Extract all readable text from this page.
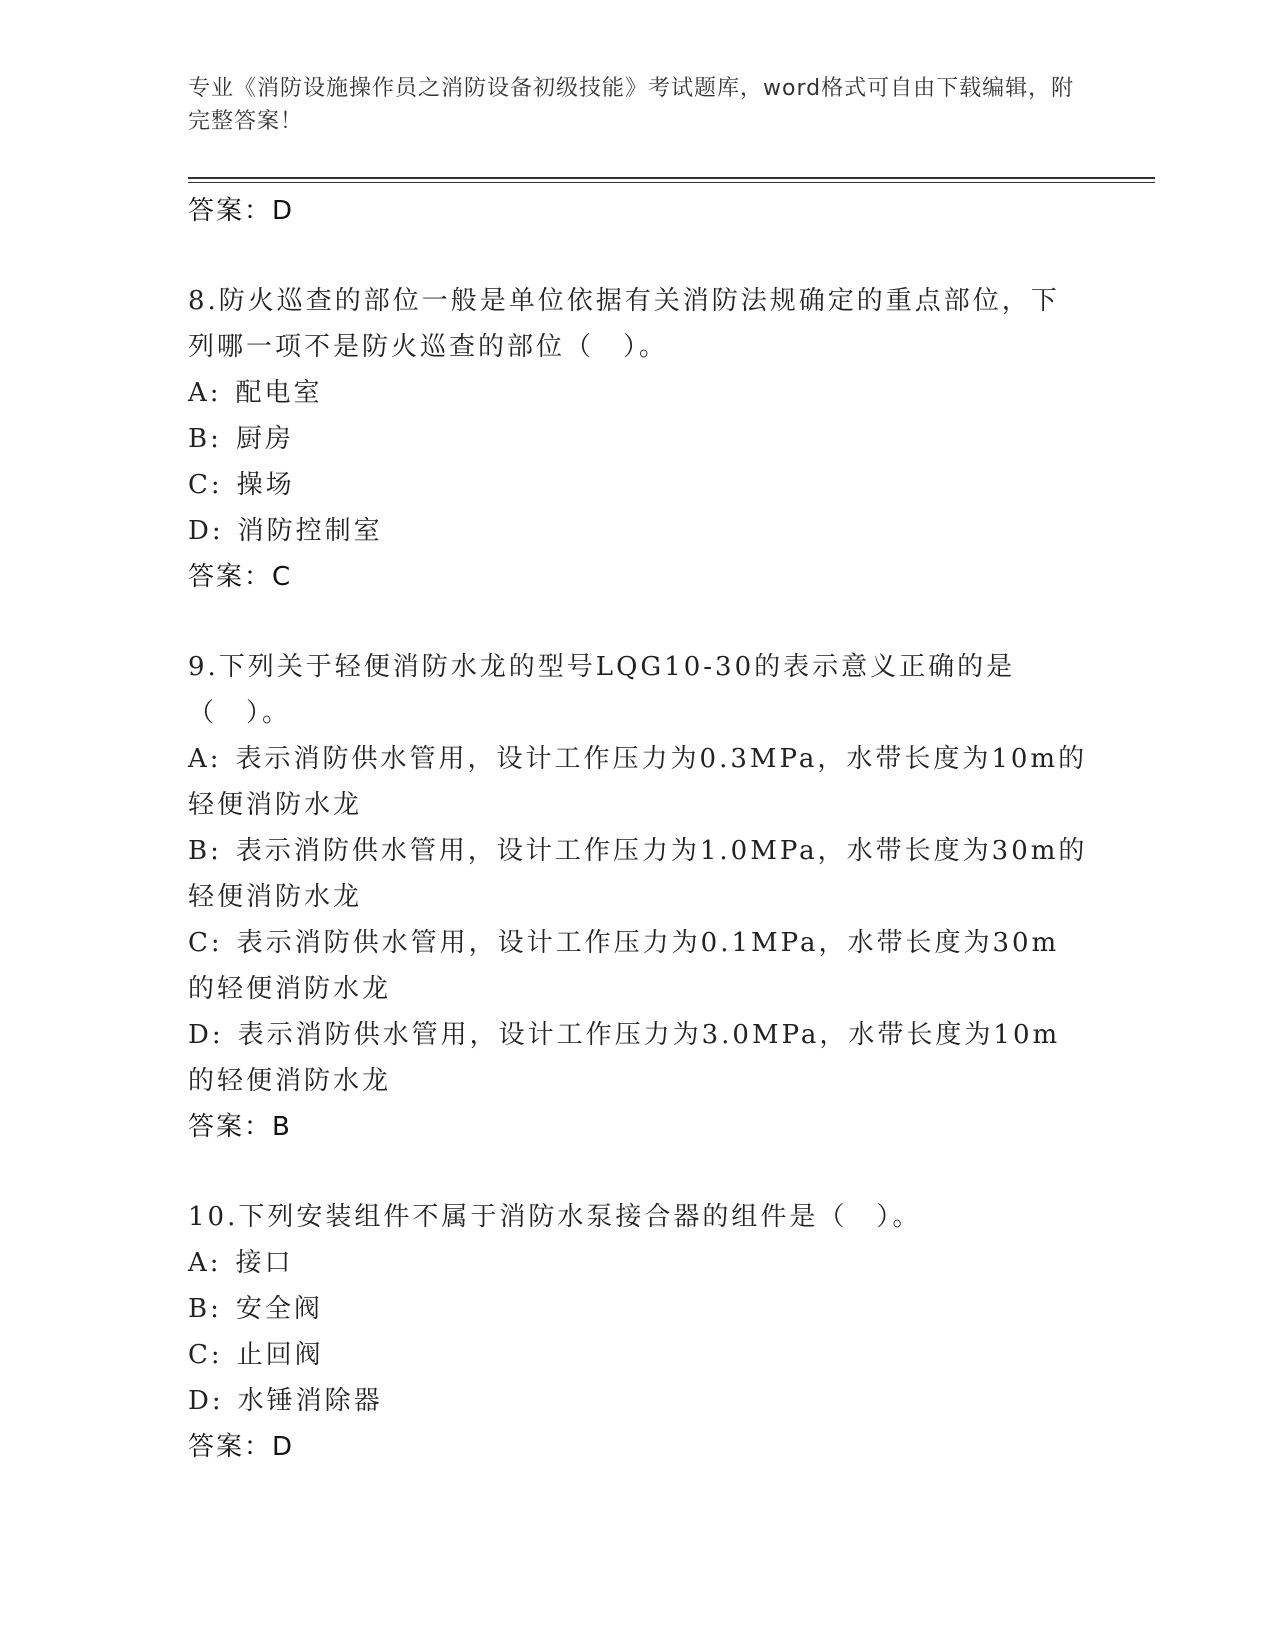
专业《消防设施操作员之消防设备初级技能》考试题库，word格式可自由下载编辑，附完整答案！

答案：D

8.防火巡查的部位一般是单位依据有关消防法规确定的重点部位，下列哪一项不是防火巡查的部位（　）。

A: 配电室

B: 厨房

C: 操场

D: 消防控制室

答案：C

9.下列关于轻便消防水龙的型号LQG10-30的表示意义正确的是（　）。

A: 表示消防供水管用，设计工作压力为0.3MPa，水带长度为10m的轻便消防水龙

B: 表示消防供水管用，设计工作压力为1.0MPa，水带长度为30m的轻便消防水龙

C: 表示消防供水管用，设计工作压力为0.1MPa，水带长度为30m的轻便消防水龙

D: 表示消防供水管用，设计工作压力为3.0MPa，水带长度为10m的轻便消防水龙

答案：B

10.下列安装组件不属于消防水泵接合器的组件是（　）。

A: 接口

B: 安全阀

C: 止回阀

D: 水锤消除器

答案：D
